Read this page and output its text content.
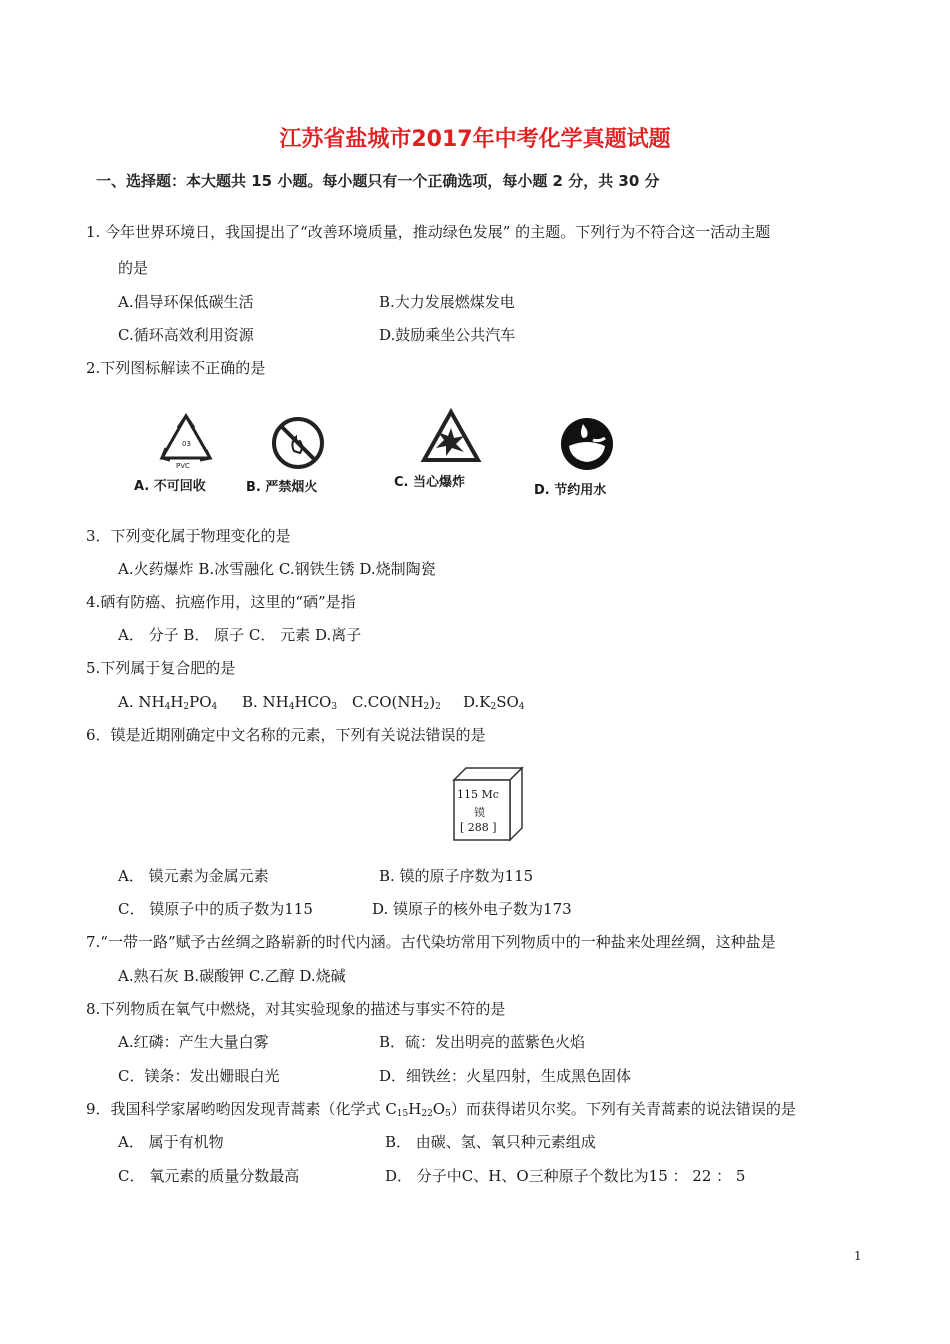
江苏省盐城市2017年中考化学真题试题
一、选择题：本大题共 15 小题。每小题只有一个正确选项，每小题 2 分，共 30 分
1. 今年世界环境日，我国提出了“改善环境质量，推动绿色发展” 的主题。下列行为不符合这一活动主题
的是
A.倡导环保低碳生活	B.大力发展燃煤发电
C.循环高效利用资源	D.鼓励乘坐公共汽车
2.下列图标解读不正确的是
03
PVC
A. 不可回收	B. 严禁烟火	C. 当心爆炸
D. 节约用水
3．下列变化属于物理变化的是
A.火药爆炸 B.冰雪融化 C.钢铁生锈 D.烧制陶瓷
4.硒有防癌、抗癌作用，这里的“硒”是指
A． 分子 B． 原子 C． 元素 D.离子
5.下列属于复合肥的是
A. $NH_4H_2PO_4$ B. $NH_4HCO_3$ $C.CO(NH_2)_2$ $D.K_2SO_4$
6．镆是近期刚确定中文名称的元素，下列有关说法错误的是
115 Mc
镆
[ 288 ]
A． 镆元素为金属元素	B. 镆的原子序数为115
C． 镆原子中的质子数为115	D. 镆原子的核外电子数为173
7.“一带一路”赋予古丝绸之路崭新的时代内涵。古代染坊常用下列物质中的一种盐来处理丝绸，这种盐是
A.熟石灰 B.碳酸钾 C.乙醇 D.烧碱
8.下列物质在氧气中燃烧，对其实验现象的描述与事实不符的是
A.红磷：产生大量白雾	B．硫：发出明亮的蓝紫色火焰
C．镁条：发出姗眼白光	D．细铁丝：火星四射，生成黑色固体
9．我国科学家屠哟哟因发现青蒿素（化学式 $C_{15}H_{22}O_5$）而获得诺贝尔奖。下列有关青蒿素的说法错误的是
A． 属于有机物	B． 由碳、氢、氧只种元素组成
C． 氧元素的质量分数最高	D． 分子中C、H、O三种原子个数比为15 ： 22 ： 5
1
